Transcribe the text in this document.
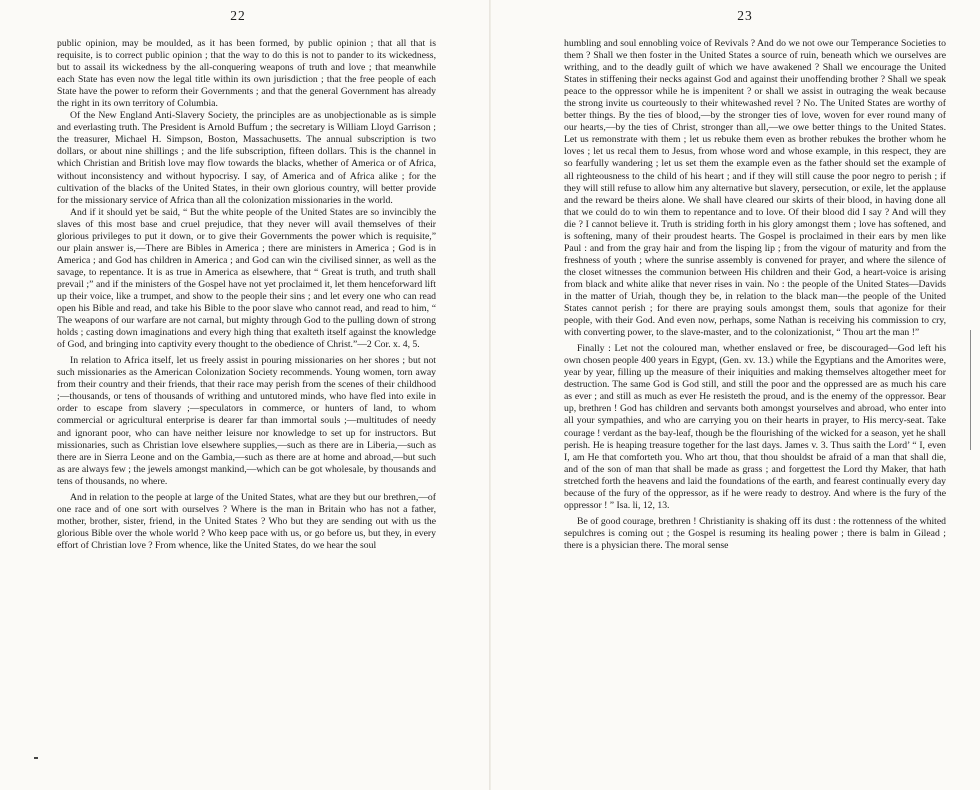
22

public opinion, may be moulded, as it has been formed, by public opinion ; that all that is requisite, is to correct public opinion ; that the way to do this is not to pander to its wickedness, but to assail its wickedness by the all-conquering weapons of truth and love ; that meanwhile each State has even now the legal title within its own jurisdiction ; that the free people of each State have the power to reform their Governments ; and that the general Government has already the right in its own territory of Columbia.

Of the New England Anti-Slavery Society, the principles are as unobjectionable as is simple and everlasting truth. The President is Arnold Buffum ; the secretary is William Lloyd Garrison ; the treasurer, Michael H. Simpson, Boston, Massachusetts. The annual subscription is two dollars, or about nine shillings ; and the life subscription, fifteen dollars. This is the channel in which Christian and British love may flow towards the blacks, whether of America or of Africa, without inconsistency and without hypocrisy. I say, of America and of Africa alike ; for the cultivation of the blacks of the United States, in their own glorious country, will better provide for the missionary service of Africa than all the colonization missionaries in the world.

And if it should yet be said, “ But the white people of the United States are so invincibly the slaves of this most base and cruel prejudice, that they never will avail themselves of their glorious privileges to put it down, or to give their Governments the power which is requisite,” our plain answer is,—There are Bibles in America ; there are ministers in America ; God is in America ; and God has children in America ; and God can win the civilised sinner, as well as the savage, to repentance. It is as true in America as elsewhere, that “ Great is truth, and truth shall prevail ;” and if the ministers of the Gospel have not yet proclaimed it, let them henceforward lift up their voice, like a trumpet, and show to the people their sins ; and let every one who can read open his Bible and read, and take his Bible to the poor slave who cannot read, and read to him, “ The weapons of our warfare are not carnal, but mighty through God to the pulling down of strong holds ; casting down imaginations and every high thing that exalteth itself against the knowledge of God, and bringing into captivity every thought to the obedience of Christ.”—2 Cor. x. 4, 5.

In relation to Africa itself, let us freely assist in pouring missionaries on her shores ; but not such missionaries as the American Colonization Society recommends. Young women, torn away from their country and their friends, that their race may perish from the scenes of their childhood ;—thousands, or tens of thousands of writhing and untutored minds, who have fled into exile in order to escape from slavery ;—speculators in commerce, or hunters of land, to whom commercial or agricultural enterprise is dearer far than immortal souls ;—multitudes of needy and ignorant poor, who can have neither leisure nor knowledge to set up for instructors. But missionaries, such as Christian love elsewhere supplies,—such as there are in Liberia,—such as there are in Sierra Leone and on the Gambia,—such as there are at home and abroad,—but such as are always few ; the jewels amongst mankind,—which can be got wholesale, by thousands and tens of thousands, no where.

And in relation to the people at large of the United States, what are they but our brethren,—of one race and of one sort with ourselves ? Where is the man in Britain who has not a father, mother, brother, sister, friend, in the United States ? Who but they are sending out with us the glorious Bible over the whole world ? Who keep pace with us, or go before us, but they, in every effort of Christian love ? From whence, like the United States, do we hear the soul

23

humbling and soul ennobling voice of Revivals ? And do we not owe our Temperance Societies to them ? Shall we then foster in the United States a source of ruin, beneath which we ourselves are writhing, and to the deadly guilt of which we have awakened ? Shall we encourage the United States in stiffening their necks against God and against their unoffending brother ? Shall we speak peace to the oppressor while he is impenitent ? or shall we assist in outraging the weak because the strong invite us courteously to their whitewashed revel ? No. The United States are worthy of better things. By the ties of blood,—by the stronger ties of love, woven for ever round many of our hearts,—by the ties of Christ, stronger than all,—we owe better things to the United States. Let us remonstrate with them ; let us rebuke them even as brother rebukes the brother whom he loves ; let us recal them to Jesus, from whose word and whose example, in this respect, they are so fearfully wandering ; let us set them the example even as the father should set the example of all righteousness to the child of his heart ; and if they will still cause the poor negro to perish ; if they will still refuse to allow him any alternative but slavery, persecution, or exile, let the applause and the reward be theirs alone. We shall have cleared our skirts of their blood, in having done all that we could do to win them to repentance and to love. Of their blood did I say ? And will they die ? I cannot believe it. Truth is striding forth in his glory amongst them ; love has softened, and is softening, many of their proudest hearts. The Gospel is proclaimed in their ears by men like Paul : and from the gray hair and from the lisping lip ; from the vigour of maturity and from the freshness of youth ; where the sunrise assembly is convened for prayer, and where the silence of the closet witnesses the communion between His children and their God, a heart-voice is arising from black and white alike that never rises in vain. No : the people of the United States—Davids in the matter of Uriah, though they be, in relation to the black man—the people of the United States cannot perish ; for there are praying souls amongst them, souls that agonize for their people, with their God. And even now, perhaps, some Nathan is receiving his commission to cry, with converting power, to the slave-master, and to the colonizationist, “ Thou art the man !”

Finally : Let not the coloured man, whether enslaved or free, be discouraged—God left his own chosen people 400 years in Egypt, (Gen. xv. 13.) while the Egyptians and the Amorites were, year by year, filling up the measure of their iniquities and making themselves altogether meet for destruction. The same God is God still, and still the poor and the oppressed are as much his care as ever ; and still as much as ever He resisteth the proud, and is the enemy of the oppressor. Bear up, brethren ! God has children and servants both amongst yourselves and abroad, who enter into all your sympathies, and who are carrying you on their hearts in prayer, to His mercy-seat. Take courage ! verdant as the bay-leaf, though be the flourishing of the wicked for a season, yet he shall perish. He is heaping treasure together for the last days. James v. 3. Thus saith the Lord’ “ I, even I, am He that comforteth you. Who art thou, that thou shouldst be afraid of a man that shall die, and of the son of man that shall be made as grass ; and forgettest the Lord thy Maker, that hath stretched forth the heavens and laid the foundations of the earth, and fearest continually every day because of the fury of the oppressor, as if he were ready to destroy. And where is the fury of the oppressor ! ” Isa. li, 12, 13.

Be of good courage, brethren ! Christianity is shaking off its dust : the rottenness of the whited sepulchres is coming out ; the Gospel is resuming its healing power ; there is balm in Gilead ; there is a physician there. The moral sense
